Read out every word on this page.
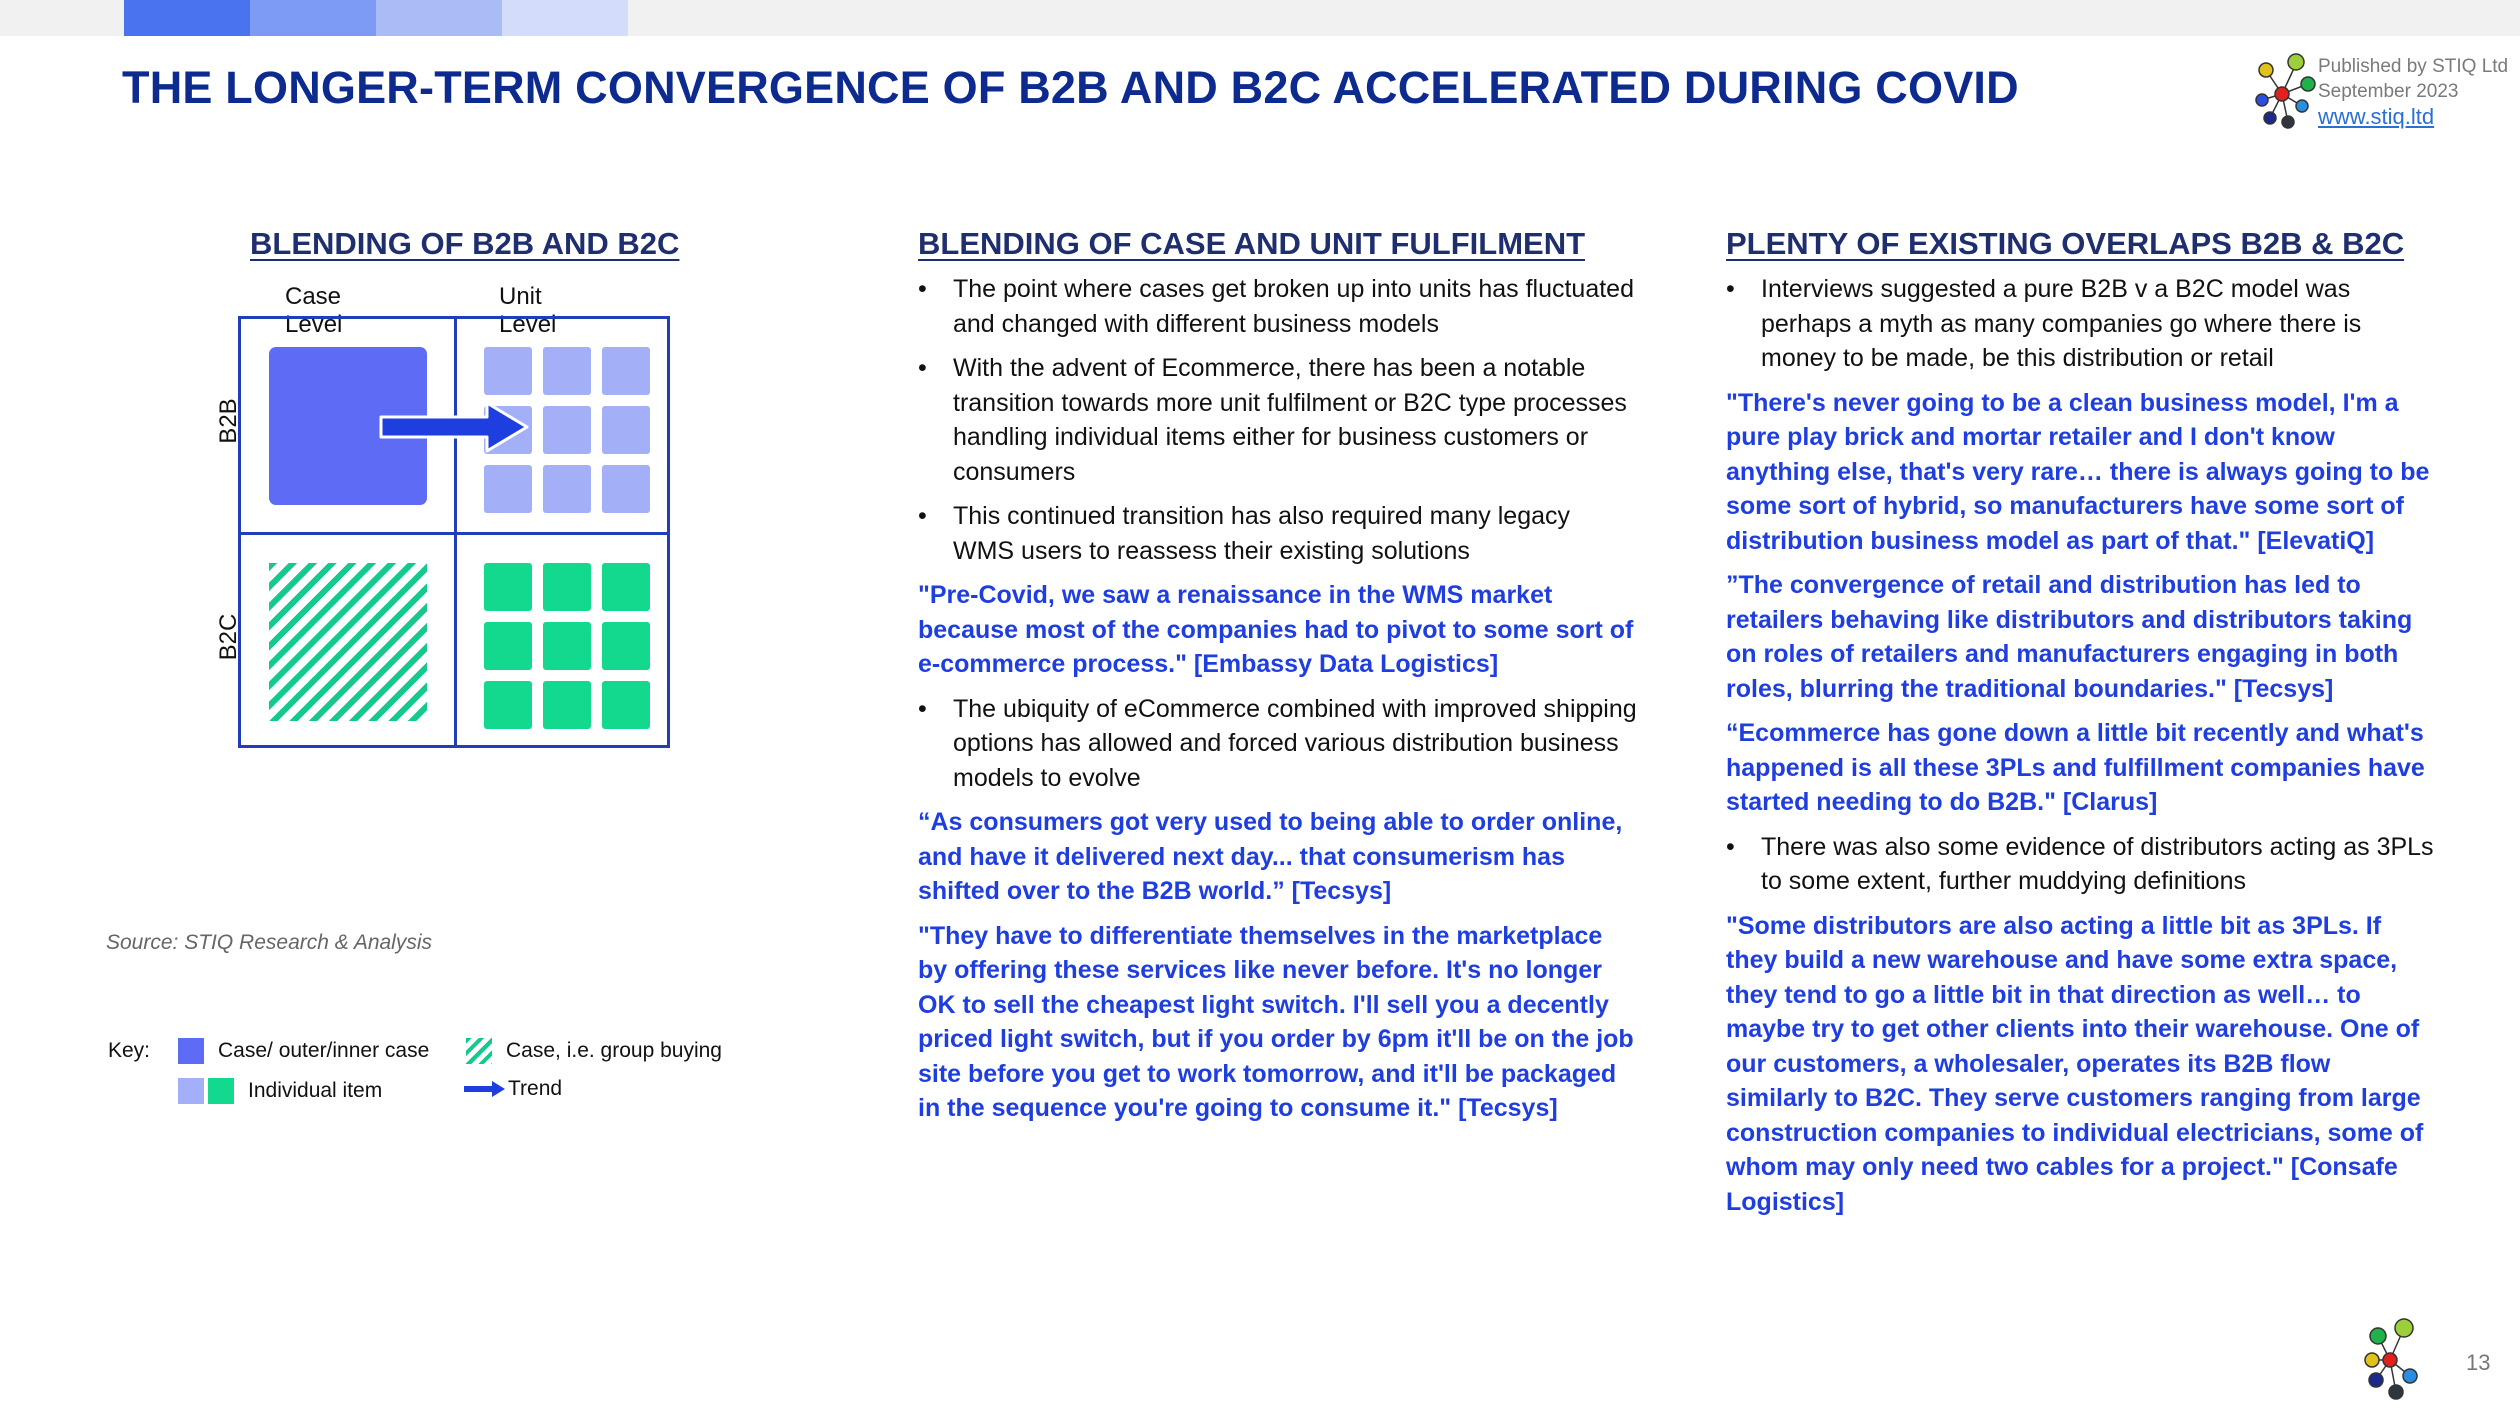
THE LONGER-TERM CONVERGENCE OF B2B AND B2C ACCELERATED DURING COVID	Published by STIQ Ltd
September 2023
www.stiq.ltd
BLENDING OF B2B AND B2C
Case Level
Unit Level
B2B
B2C
Key:	Case/ outer/inner case	Case, i.e. group buying
Individual item	Trend
Source: STIQ Research & Analysis
BLENDING OF CASE AND UNIT FULFILMENT
• The point where cases get broken up into units has fluctuated and changed with different business models
• With the advent of Ecommerce, there has been a notable transition towards more unit fulfilment or B2C type processes handling individual items either for business customers or consumers
• This continued transition has also required many legacy WMS users to reassess their existing solutions

"Pre-Covid, we saw a renaissance in the WMS market because most of the companies had to pivot to some sort of e-commerce process." [Embassy Data Logistics]

• The ubiquity of eCommerce combined with improved shipping options has allowed and forced various distribution business models to evolve

“As consumers got very used to being able to order online, and have it delivered next day... that consumerism has shifted over to the B2B world.” [Tecsys]

"They have to differentiate themselves in the marketplace by offering these services like never before. It's no longer OK to sell the cheapest light switch. I'll sell you a decently priced light switch, but if you order by 6pm it'll be on the job site before you get to work tomorrow, and it'll be packaged in the sequence you're going to consume it." [Tecsys]

PLENTY OF EXISTING OVERLAPS B2B & B2C
• Interviews suggested a pure B2B v a B2C model was perhaps a myth as many companies go where there is money to be made, be this distribution or retail

"There's never going to be a clean business model, I'm a pure play brick and mortar retailer and I don't know anything else, that's very rare… there is always going to be some sort of hybrid, so manufacturers have some sort of distribution business model as part of that." [ElevatiQ]

”The convergence of retail and distribution has led to retailers behaving like distributors and distributors taking on roles of retailers and manufacturers engaging in both roles, blurring the traditional boundaries." [Tecsys]

“Ecommerce has gone down a little bit recently and what's happened is all these 3PLs and fulfillment companies have started needing to do B2B." [Clarus]

• There was also some evidence of distributors acting as 3PLs to some extent, further muddying definitions

"Some distributors are also acting a little bit as 3PLs. If they build a new warehouse and have some extra space, they tend to go a little bit in that direction as well… to maybe try to get other clients into their warehouse. One of our customers, a wholesaler, operates its B2B flow similarly to B2C. They serve customers ranging from large construction companies to individual electricians, some of whom may only need two cables for a project." [Consafe Logistics]

13
